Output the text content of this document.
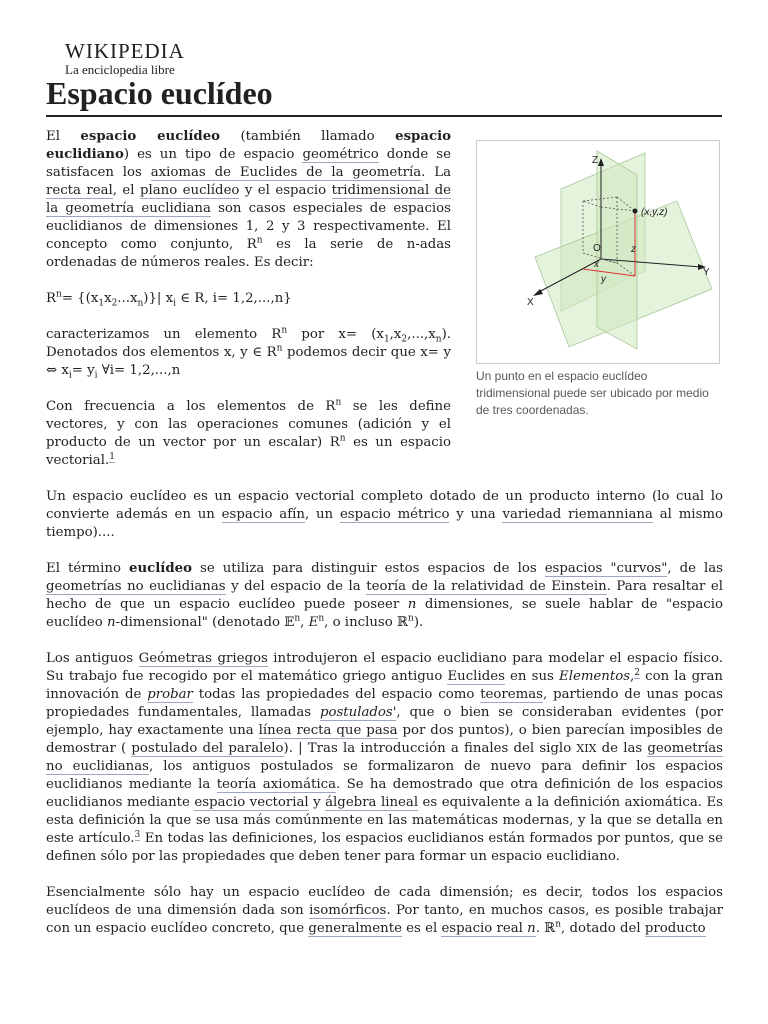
WIKIPEDIA
La enciclopedia libre
Espacio euclídeo
Z
Y
X
O
(x,y,z)
x
y
z
Un punto en el espacio euclídeo tridimensional puede ser ubicado por medio de tres coordenadas.

El espacio euclídeo (también llamado espacio euclidiano) es un tipo de espacio geométrico donde se satisfacen los axiomas de Euclides de la geometría. La recta real, el plano euclídeo y el espacio tridimensional de la geometría euclidiana son casos especiales de espacios euclidianos de dimensiones 1, 2 y 3 respectivamente. El concepto como conjunto, $R^n$ es la serie de n-adas ordenadas de números reales. Es decir:

$R^n= \{(x_1x_2...x_n)\}|$ $x_i$ ∈ R, i= 1,2,...,n}

caracterizamos un elemento $R^n$ por $x= (x_1,x_2,...,x_n)$. Denotados dos elementos x, y ∈ $R^n$ podemos decir que x= y ⇔ $x_i= y_i$ ∀i= 1,2,...,n

Con frecuencia a los elementos de $R^n$ se les define vectores, y con las operaciones comunes (adición y el producto de un vector por un escalar) $R^n$ es un espacio vectorial.$^1$

Un espacio euclídeo es un espacio vectorial completo dotado de un producto interno (lo cual lo convierte además en un espacio afín, un espacio métrico y una variedad riemanniana al mismo tiempo)....

El término euclídeo se utiliza para distinguir estos espacios de los espacios "curvos", de las geometrías no euclidianas y del espacio de la teoría de la relatividad de Einstein. Para resaltar el hecho de que un espacio euclídeo puede poseer n dimensiones, se suele hablar de "espacio euclídeo n-dimensional" (denotado 𝔼$^n$, $E^n$, o incluso ℝ$^n$).

Los antiguos Geómetras griegos introdujeron el espacio euclidiano para modelar el espacio físico. Su trabajo fue recogido por el matemático griego antiguo Euclides en sus Elementos,$^2$ con la gran innovación de probar todas las propiedades del espacio como teoremas, partiendo de unas pocas propiedades fundamentales, llamadas postulados', que o bien se consideraban evidentes (por ejemplo, hay exactamente una línea recta que pasa por dos puntos), o bien parecían imposibles de demostrar ( postulado del paralelo). | Tras la introducción a finales del siglo XIX de las geometrías no euclidianas, los antiguos postulados se formalizaron de nuevo para definir los espacios euclidianos mediante la teoría axiomática. Se ha demostrado que otra definición de los espacios euclidianos mediante espacio vectorial y álgebra lineal es equivalente a la definición axiomática. Es esta definición la que se usa más comúnmente en las matemáticas modernas, y la que se detalla en este artículo.$^3$ En todas las definiciones, los espacios euclidianos están formados por puntos, que se definen sólo por las propiedades que deben tener para formar un espacio euclidiano.

Esencialmente sólo hay un espacio euclídeo de cada dimensión; es decir, todos los espacios euclídeos de una dimensión dada son isomórficos. Por tanto, en muchos casos, es posible trabajar con un espacio euclídeo concreto, que generalmente es el espacio real n. ℝ$^n$, dotado del producto
